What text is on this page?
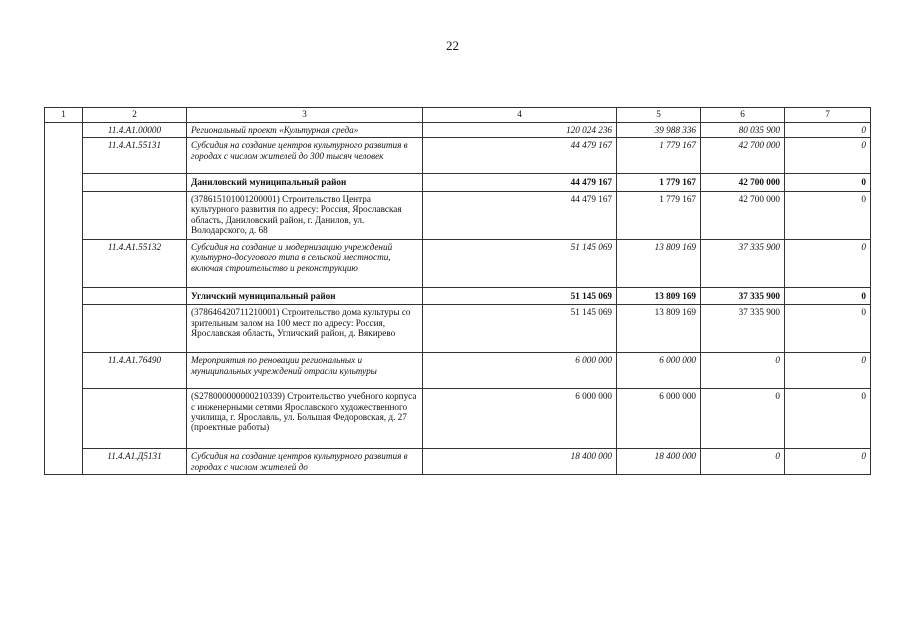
22
1	2	3	4	5	6	7
	11.4.А1.00000	Региональный проект «Культурная среда»	120 024 236	39 988 336	80 035 900	0
	11.4.А1.55131	Субсидия на создание центров культурного развития в городах с числом жителей до 300 тысяч человек	44 479 167	1 779 167	42 700 000	0
		Даниловский муниципальный район	44 479 167	1 779 167	42 700 000	0
		(378615101001200001) Строительство Центра культурного развития по адресу: Россия, Ярославская область, Даниловский район, г. Данилов, ул. Володарского, д. 68	44 479 167	1 779 167	42 700 000	0
	11.4.А1.55132	Субсидия на создание и модернизацию учреждений культурно-досугового типа в сельской местности, включая строительство и реконструкцию	51 145 069	13 809 169	37 335 900	0
		Угличский муниципальный район	51 145 069	13 809 169	37 335 900	0
		(378646420711210001) Строительство дома культуры со зрительным залом на 100 мест по адресу: Россия, Ярославская область, Угличский район, д. Вякирево	51 145 069	13 809 169	37 335 900	0
	11.4.А1.76490	Мероприятия по реновации региональных и муниципальных учреждений отрасли культуры	6 000 000	6 000 000	0	0
		(S278000000000210339) Строительство учебного корпуса с инженерными сетями Ярославского художественного училища, г. Ярославль, ул. Большая Федоровская, д. 27 (проектные работы)	6 000 000	6 000 000	0	0
	11.4.А1.Д5131	Субсидия на создание центров культурного развития в городах с числом жителей до	18 400 000	18 400 000	0	0
